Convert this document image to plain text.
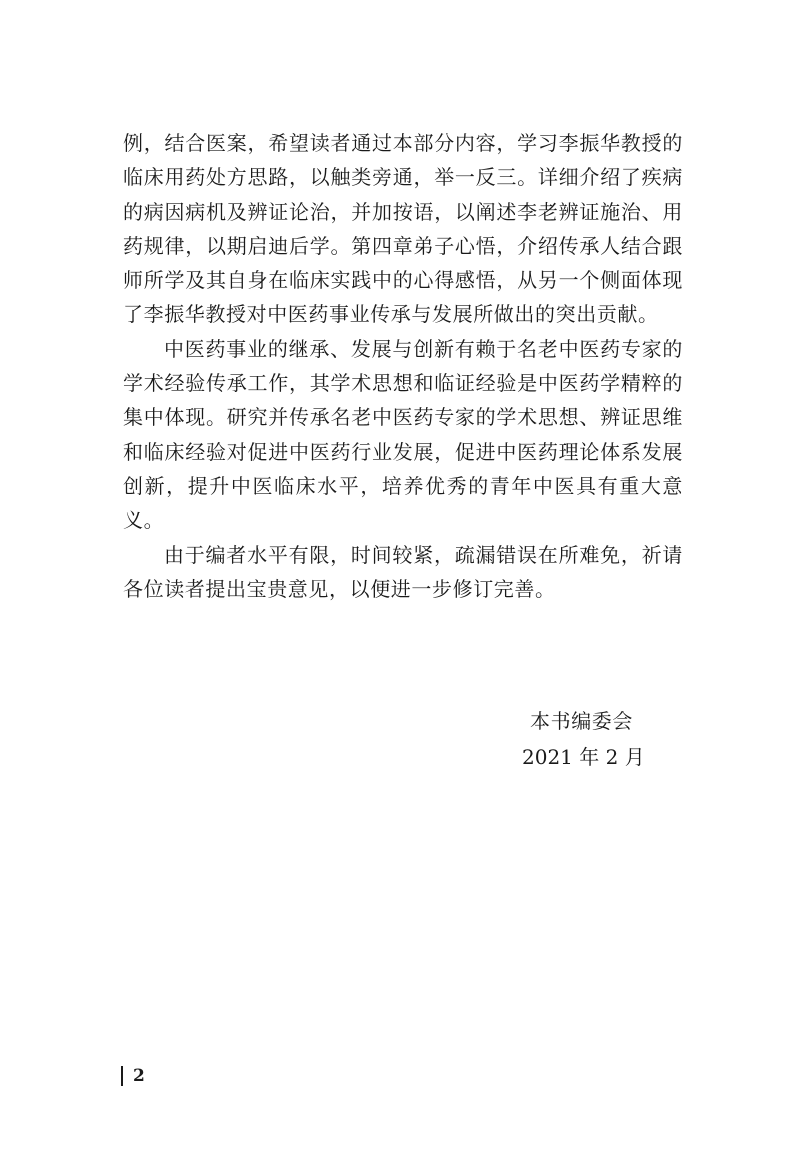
例，结合医案，希望读者通过本部分内容，学习李振华教授的临床用药处方思路，以触类旁通，举一反三。详细介绍了疾病的病因病机及辨证论治，并加按语，以阐述李老辨证施治、用药规律，以期启迪后学。第四章弟子心悟，介绍传承人结合跟师所学及其自身在临床实践中的心得感悟，从另一个侧面体现了李振华教授对中医药事业传承与发展所做出的突出贡献。

中医药事业的继承、发展与创新有赖于名老中医药专家的学术经验传承工作，其学术思想和临证经验是中医药学精粹的集中体现。研究并传承名老中医药专家的学术思想、辨证思维和临床经验对促进中医药行业发展，促进中医药理论体系发展创新，提升中医临床水平，培养优秀的青年中医具有重大意义。

由于编者水平有限，时间较紧，疏漏错误在所难免，祈请各位读者提出宝贵意见，以便进一步修订完善。

本书编委会
2021 年 2 月
2
